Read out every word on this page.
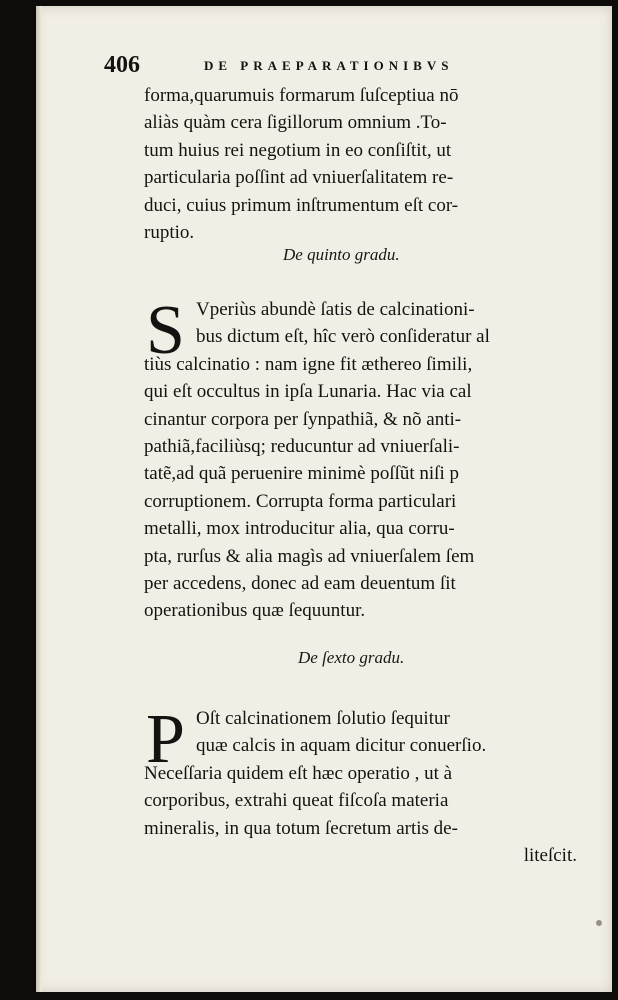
406	DE PRAEPARATIONIBVS

forma,quarumuis formarum ſuſceptiua nō
aliàs quàm cera ſigillorum omnium .To-
tum huius rei negotium in eo conſiſtit, ut
particularia poſſint ad vniuerſalitatem re-
duci, cuius primum inſtrumentum eſt cor-
ruptio.

De quinto gradu.

S Vperiùs abundè ſatis de calcinationi-
bus dictum eſt, hîc verò conſideratur al
tiùs calcinatio : nam igne fit æthereo ſimili,
qui eſt occultus in ipſa Lunaria. Hac via cal
cinantur corpora per ſynpathiã, & nõ anti-
pathiã,faciliùsq; reducuntur ad vniuerſali-
tatẽ,ad quã peruenire minimè poſſũt niſi p
corruptionem. Corrupta forma particulari
metalli, mox introducitur alia, qua corru-
pta, rurſus & alia magìs ad vniuerſalem ſem
per accedens, donec ad eam deuentum ſit
operationibus quæ ſequuntur.

De ſexto gradu.

P Oſt calcinationem ſolutio ſequitur
quæ calcis in aquam dicitur conuerſio.
Neceſſaria quidem eſt hæc operatio , ut à
corporibus, extrahi queat fiſcoſa materia
mineralis, in qua totum ſecretum artis de-
liteſcit.
